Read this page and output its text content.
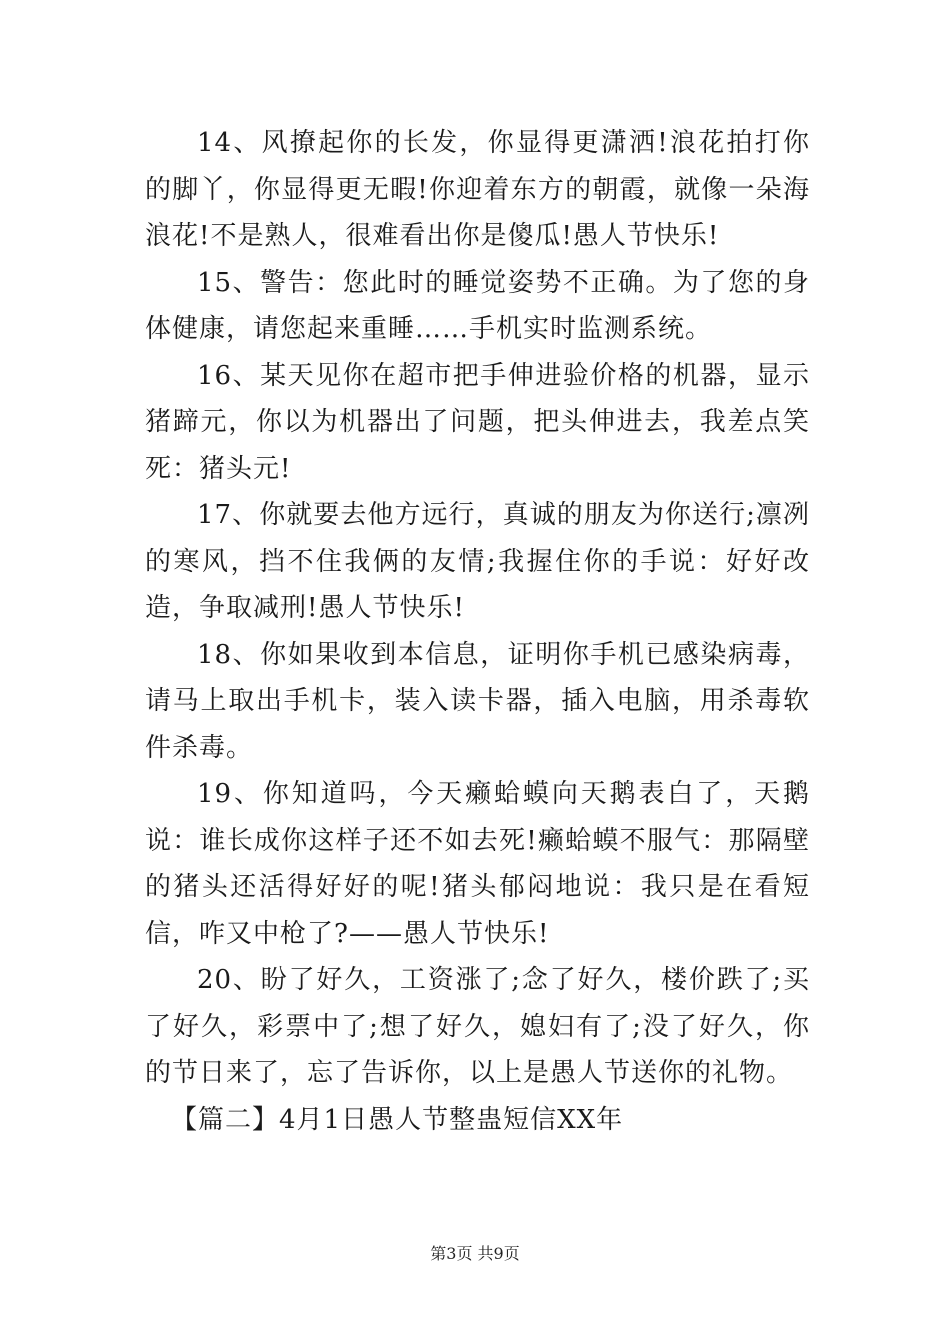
14、风撩起你的长发，你显得更潇洒!浪花拍打你的脚丫，你显得更无暇!你迎着东方的朝霞，就像一朵海浪花!不是熟人，很难看出你是傻瓜!愚人节快乐!

15、警告：您此时的睡觉姿势不正确。为了您的身体健康，请您起来重睡……手机实时监测系统。

16、某天见你在超市把手伸进验价格的机器，显示猪蹄元，你以为机器出了问题，把头伸进去，我差点笑死：猪头元!

17、你就要去他方远行，真诚的朋友为你送行;凛冽的寒风，挡不住我俩的友情;我握住你的手说：好好改造，争取减刑!愚人节快乐!

18、你如果收到本信息，证明你手机已感染病毒，请马上取出手机卡，装入读卡器，插入电脑，用杀毒软件杀毒。

19、你知道吗，今天癞蛤蟆向天鹅表白了，天鹅说：谁长成你这样子还不如去死!癞蛤蟆不服气：那隔壁的猪头还活得好好的呢!猪头郁闷地说：我只是在看短信，咋又中枪了?——愚人节快乐!

20、盼了好久，工资涨了;念了好久，楼价跌了;买了好久，彩票中了;想了好久，媳妇有了;没了好久，你的节日来了，忘了告诉你，以上是愚人节送你的礼物。

【篇二】4月1日愚人节整蛊短信XX年

第3页 共9页
